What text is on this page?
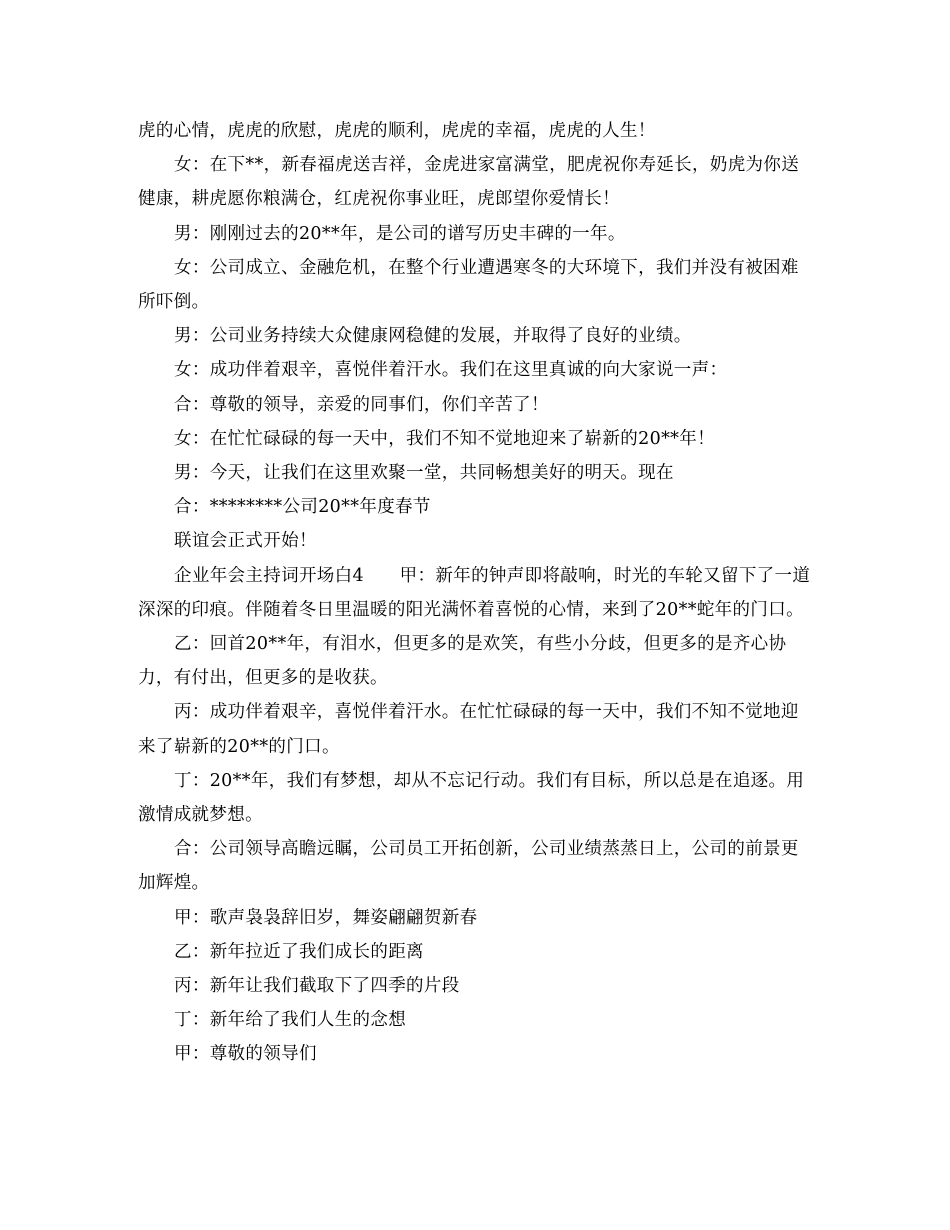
虎的心情，虎虎的欣慰，虎虎的顺利，虎虎的幸福，虎虎的人生！

女：在下**，新春福虎送吉祥，金虎进家富满堂，肥虎祝你寿延长，奶虎为你送健康，耕虎愿你粮满仓，红虎祝你事业旺，虎郎望你爱情长！

男：刚刚过去的20**年，是公司的谱写历史丰碑的一年。

女：公司成立、金融危机，在整个行业遭遇寒冬的大环境下，我们并没有被困难所吓倒。

男：公司业务持续大众健康网稳健的发展，并取得了良好的业绩。

女：成功伴着艰辛，喜悦伴着汗水。我们在这里真诚的向大家说一声：

合：尊敬的领导，亲爱的同事们，你们辛苦了！

女：在忙忙碌碌的每一天中，我们不知不觉地迎来了崭新的20**年！

男：今天，让我们在这里欢聚一堂，共同畅想美好的明天。现在

合：********公司20**年度春节

联谊会正式开始！

企业年会主持词开场白4　　甲：新年的钟声即将敲响，时光的车轮又留下了一道深深的印痕。伴随着冬日里温暖的阳光满怀着喜悦的心情，来到了20**蛇年的门口。

乙：回首20**年，有泪水，但更多的是欢笑，有些小分歧，但更多的是齐心协力，有付出，但更多的是收获。

丙：成功伴着艰辛，喜悦伴着汗水。在忙忙碌碌的每一天中，我们不知不觉地迎来了崭新的20**的门口。

丁：20**年，我们有梦想，却从不忘记行动。我们有目标，所以总是在追逐。用激情成就梦想。

合：公司领导高瞻远瞩，公司员工开拓创新，公司业绩蒸蒸日上，公司的前景更加辉煌。

甲：歌声袅袅辞旧岁，舞姿翩翩贺新春

乙：新年拉近了我们成长的距离

丙：新年让我们截取下了四季的片段

丁：新年给了我们人生的念想

甲：尊敬的领导们
